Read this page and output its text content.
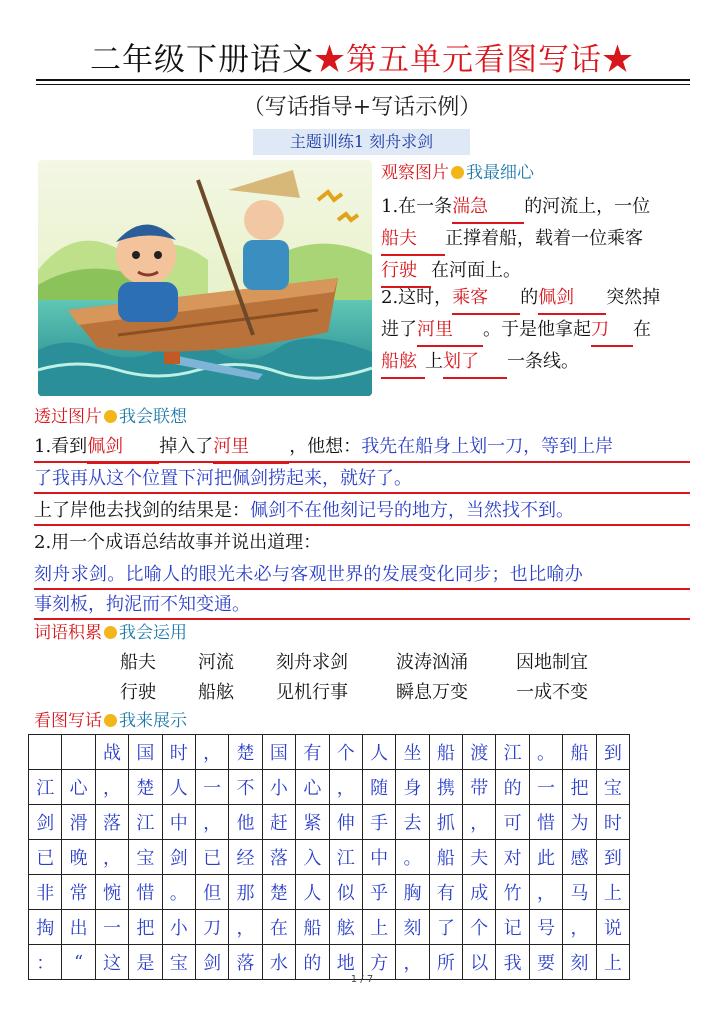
二年级下册语文★第五单元看图写话★
（写话指导+写话示例）
主题训练1 刻舟求剑
观察图片 我最细心
1.在一条湍急 的河流上，一位
船夫 正撑着船，载着一位乘客
行驶 在河面上。
2.这时，乘客 的佩剑 突然掉
进了河里 。于是他拿起刀 在
船舷 上划了 一条线。
透过图片 我会联想
1.看到佩剑 掉入了河里 ，他想：我先在船身上划一刀，等到上岸
了我再从这个位置下河把佩剑捞起来，就好了。
上了岸他去找剑的结果是：佩剑不在他刻记号的地方，当然找不到。
2.用一个成语总结故事并说出道理：
刻舟求剑。比喻人的眼光未必与客观世界的发展变化同步；也比喻办
事刻板，拘泥而不知变通。
词语积累 我会运用
船夫 河流 刻舟求剑	波涛汹涌	因地制宜
行驶 船舷 见机行事	瞬息万变	一成不变
看图写话 我来展示
		战	国	时	，	楚	国	有	个	人	坐	船	渡	江	。	船	到
江	心	，	楚	人	一	不	小	心	，	随	身	携	带	的	一	把	宝
剑	滑	落	江	中	，	他	赶	紧	伸	手	去	抓	，	可	惜	为	时
已	晚	，	宝	剑	已	经	落	入	江	中	。	船	夫	对	此	感	到
非	常	惋	惜	。	但	那	楚	人	似	乎	胸	有	成	竹	，	马	上
掏	出	一	把	小	刀	，	在	船	舷	上	刻	了	个	记	号	，	说
：	“	这	是	宝	剑	落	水	的	地	方	，	所	以	我	要	刻	上
1 / 7
